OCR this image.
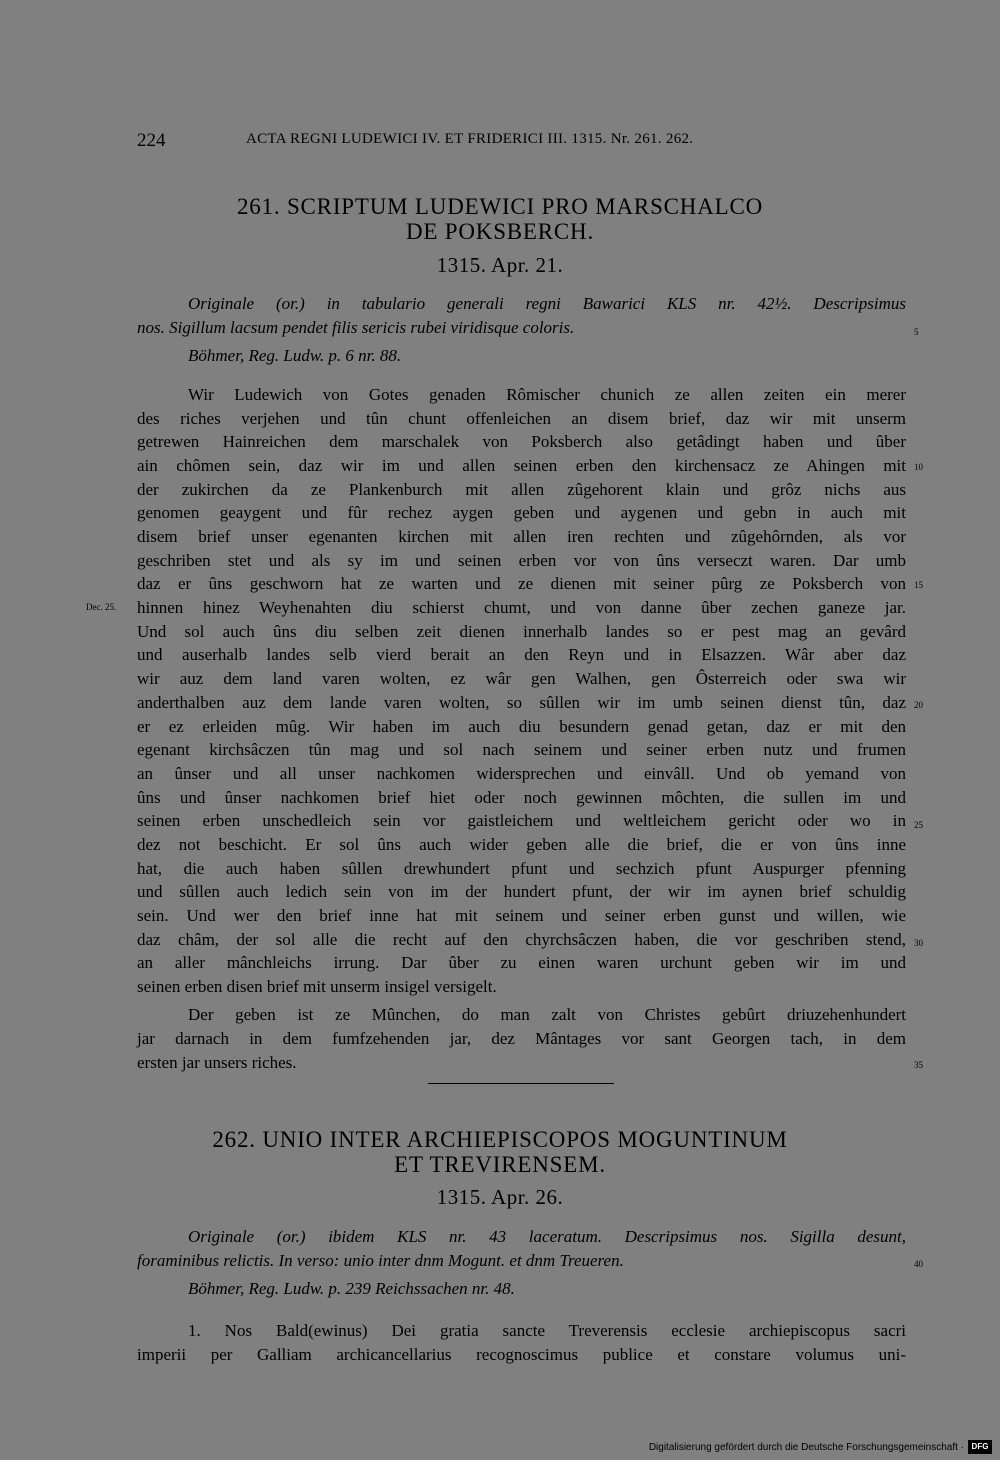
224	ACTA REGNI LUDEWICI IV. ET FRIDERICI III. 1315. Nr. 261. 262.
261. SCRIPTUM LUDEWICI PRO MARSCHALCO
DE POKSBERCH.
1315. Apr. 21.
Originale (or.) in tabulario generali regni Bawarici KLS nr. 42½. Descripsimus
nos. Sigillum lacsum pendet filis sericis rubei viridisque coloris.
Böhmer, Reg. Ludw. p. 6 nr. 88.
Wir Ludewich von Gotes genaden Rômischer chunich ze allen zeiten ein merer
des riches verjehen und tûn chunt offenleichen an disem brief, daz wir mit unserm
getrewen Hainreichen dem marschalek von Poksberch also getâdingt haben und ûber
ain chômen sein, daz wir im und allen seinen erben den kirchensacz ze Ahingen mit
der zukirchen da ze Plankenburch mit allen zûgehorent klain und grôz nichs aus
genomen geaygent und fûr rechez aygen geben und aygenen und gebn in auch mit
disem brief unser egenanten kirchen mit allen iren rechten und zûgehôrnden, als vor
geschriben stet und als sy im und seinen erben vor von ûns verseczt waren. Dar umb
daz er ûns geschworn hat ze warten und ze dienen mit seiner pûrg ze Poksberch von
hinnen hinez Weyhenahten diu schierst chumt, und von danne ûber zechen ganeze jar.
Und sol auch ûns diu selben zeit dienen innerhalb landes so er pest mag an gevârd
und auserhalb landes selb vierd berait an den Reyn und in Elsazzen. Wâr aber daz
wir auz dem land varen wolten, ez wâr gen Walhen, gen Ôsterreich oder swa wir
anderthalben auz dem lande varen wolten, so sûllen wir im umb seinen dienst tûn, daz
er ez erleiden mûg. Wir haben im auch diu besundern genad getan, daz er mit den
egenant kirchsâczen tûn mag und sol nach seinem und seiner erben nutz und frumen
an ûnser und all unser nachkomen widersprechen und einvâll. Und ob yemand von
ûns und ûnser nachkomen brief hiet oder noch gewinnen môchten, die sullen im und
seinen erben unschedleich sein vor gaistleichem und weltleichem gericht oder wo in
dez not beschicht. Er sol ûns auch wider geben alle die brief, die er von ûns inne
hat, die auch haben sûllen drewhundert pfunt und sechzich pfunt Auspurger pfenning
und sûllen auch ledich sein von im der hundert pfunt, der wir im aynen brief schuldig
sein. Und wer den brief inne hat mit seinem und seiner erben gunst und willen, wie
daz châm, der sol alle die recht auf den chyrchsâczen haben, die vor geschriben stend,
an aller mânchleichs irrung. Dar ûber zu einen waren urchunt geben wir im und
seinen erben disen brief mit unserm insigel versigelt.
Der geben ist ze Mûnchen, do man zalt von Christes gebûrt driuzehenhundert
jar darnach in dem fumfzehenden jar, dez Mântages vor sant Georgen tach, in dem
ersten jar unsers riches.
Dec. 25.
262. UNIO INTER ARCHIEPISCOPOS MOGUNTINUM
ET TREVIRENSEM.
1315. Apr. 26.
Originale (or.) ibidem KLS nr. 43 laceratum. Descripsimus nos. Sigilla desunt,
foraminibus relictis. In verso: unio inter dnm Mogunt. et dnm Treueren.
Böhmer, Reg. Ludw. p. 239 Reichssachen nr. 48.
1. Nos Bald(ewinus) Dei gratia sancte Treverensis ecclesie archiepiscopus sacri
imperii per Galliam archicancellarius recognoscimus publice et constare volumus uni-
5
10
15
20
25
30
35
40
Digitalisierung gefördert durch die Deutsche Forschungsgemeinschaft · DFG
